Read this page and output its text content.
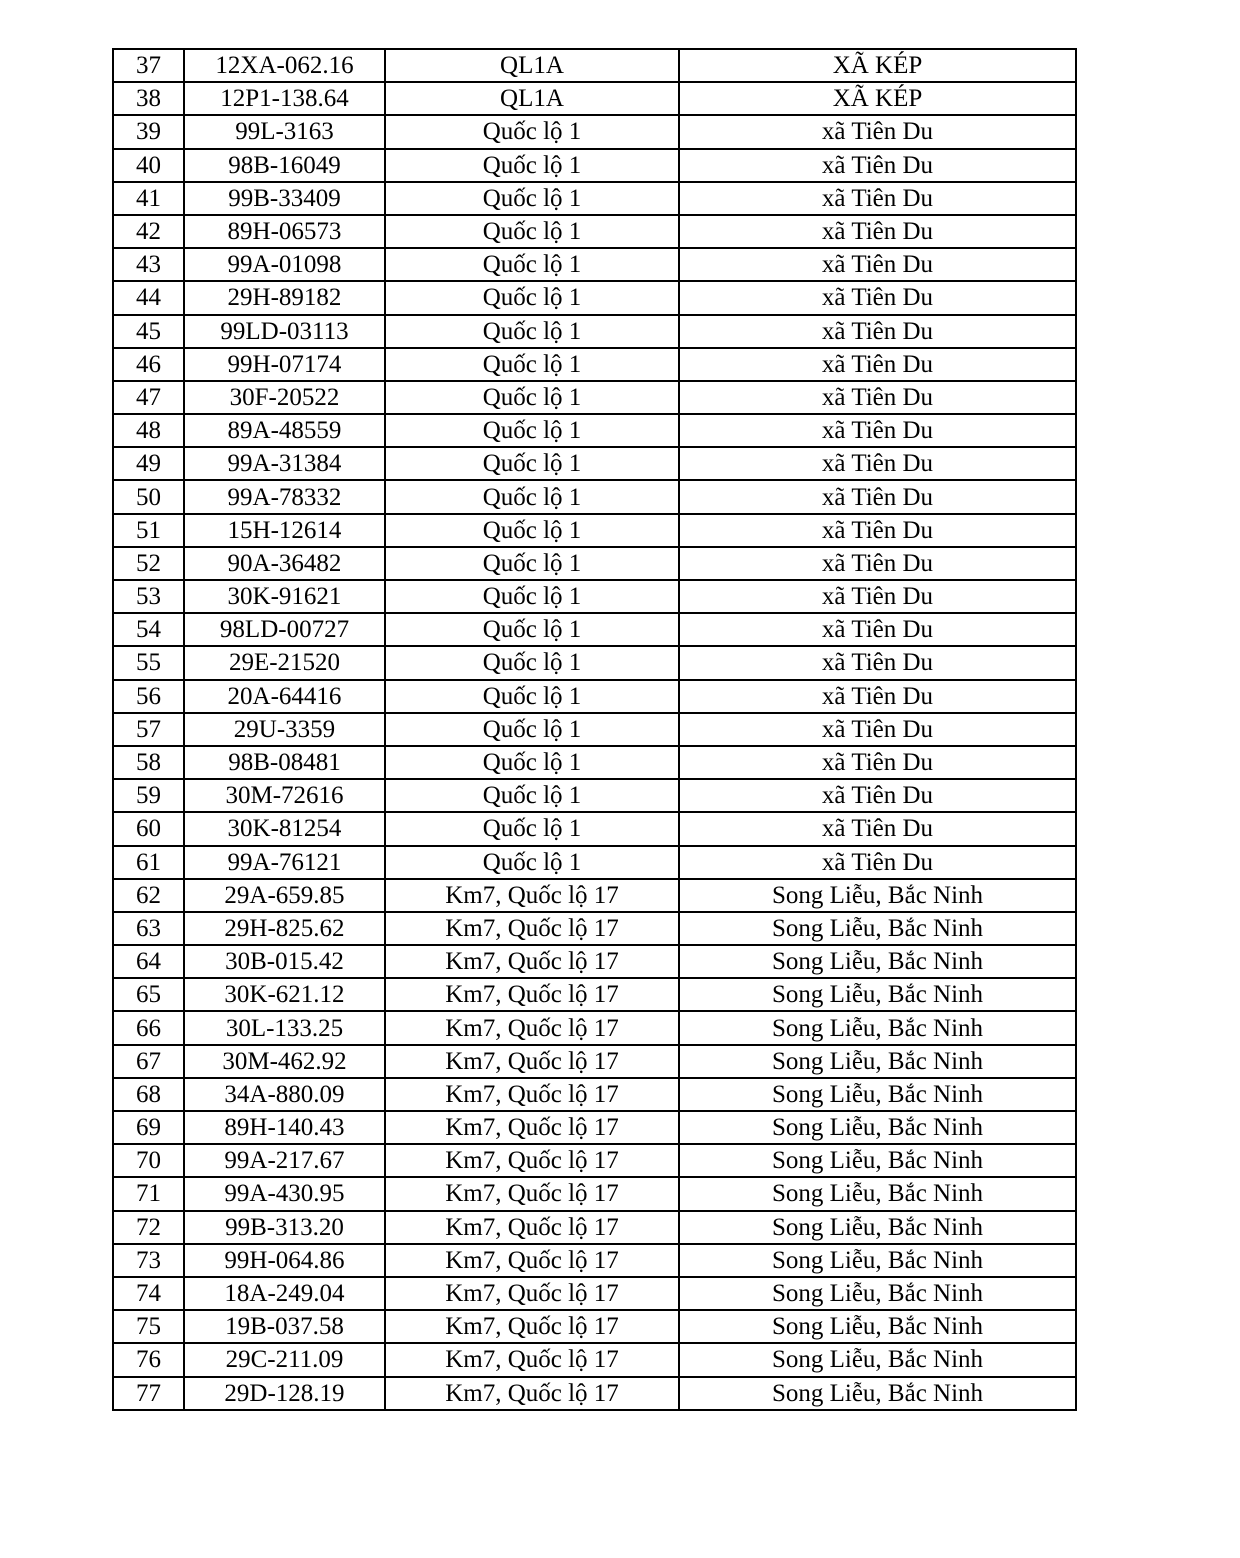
37	12XA-062.16	QL1A	XÃ KÉP
38	12P1-138.64	QL1A	XÃ KÉP
39	99L-3163	Quốc lộ 1	xã Tiên Du
40	98B-16049	Quốc lộ 1	xã Tiên Du
41	99B-33409	Quốc lộ 1	xã Tiên Du
42	89H-06573	Quốc lộ 1	xã Tiên Du
43	99A-01098	Quốc lộ 1	xã Tiên Du
44	29H-89182	Quốc lộ 1	xã Tiên Du
45	99LD-03113	Quốc lộ 1	xã Tiên Du
46	99H-07174	Quốc lộ 1	xã Tiên Du
47	30F-20522	Quốc lộ 1	xã Tiên Du
48	89A-48559	Quốc lộ 1	xã Tiên Du
49	99A-31384	Quốc lộ 1	xã Tiên Du
50	99A-78332	Quốc lộ 1	xã Tiên Du
51	15H-12614	Quốc lộ 1	xã Tiên Du
52	90A-36482	Quốc lộ 1	xã Tiên Du
53	30K-91621	Quốc lộ 1	xã Tiên Du
54	98LD-00727	Quốc lộ 1	xã Tiên Du
55	29E-21520	Quốc lộ 1	xã Tiên Du
56	20A-64416	Quốc lộ 1	xã Tiên Du
57	29U-3359	Quốc lộ 1	xã Tiên Du
58	98B-08481	Quốc lộ 1	xã Tiên Du
59	30M-72616	Quốc lộ 1	xã Tiên Du
60	30K-81254	Quốc lộ 1	xã Tiên Du
61	99A-76121	Quốc lộ 1	xã Tiên Du
62	29A-659.85	Km7, Quốc lộ 17	Song Liễu, Bắc Ninh
63	29H-825.62	Km7, Quốc lộ 17	Song Liễu, Bắc Ninh
64	30B-015.42	Km7, Quốc lộ 17	Song Liễu, Bắc Ninh
65	30K-621.12	Km7, Quốc lộ 17	Song Liễu, Bắc Ninh
66	30L-133.25	Km7, Quốc lộ 17	Song Liễu, Bắc Ninh
67	30M-462.92	Km7, Quốc lộ 17	Song Liễu, Bắc Ninh
68	34A-880.09	Km7, Quốc lộ 17	Song Liễu, Bắc Ninh
69	89H-140.43	Km7, Quốc lộ 17	Song Liễu, Bắc Ninh
70	99A-217.67	Km7, Quốc lộ 17	Song Liễu, Bắc Ninh
71	99A-430.95	Km7, Quốc lộ 17	Song Liễu, Bắc Ninh
72	99B-313.20	Km7, Quốc lộ 17	Song Liễu, Bắc Ninh
73	99H-064.86	Km7, Quốc lộ 17	Song Liễu, Bắc Ninh
74	18A-249.04	Km7, Quốc lộ 17	Song Liễu, Bắc Ninh
75	19B-037.58	Km7, Quốc lộ 17	Song Liễu, Bắc Ninh
76	29C-211.09	Km7, Quốc lộ 17	Song Liễu, Bắc Ninh
77	29D-128.19	Km7, Quốc lộ 17	Song Liễu, Bắc Ninh
